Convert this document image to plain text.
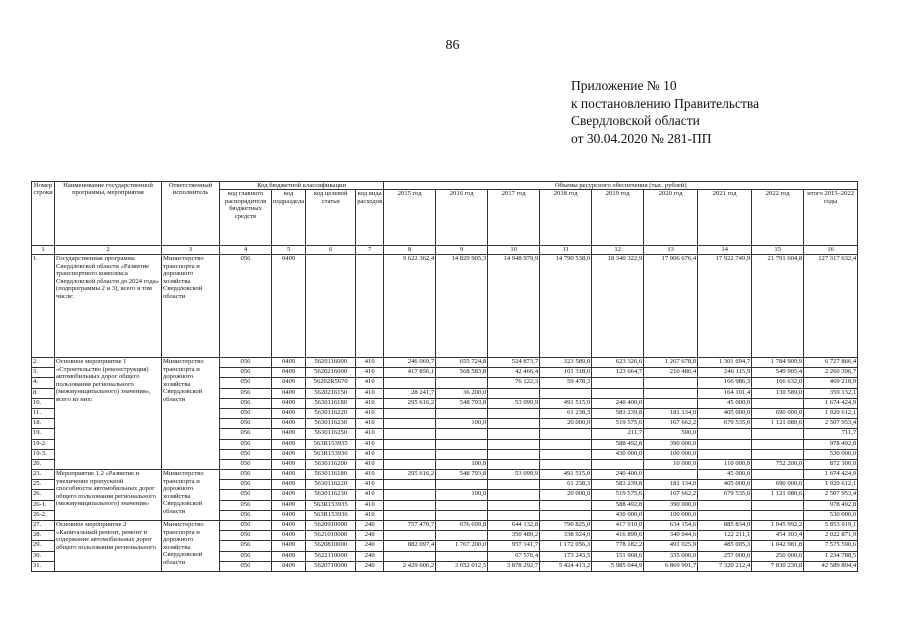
86
Приложение № 10
к постановлению Правительства
Свердловской области
от 30.04.2020 № 281-ПП
Номер строки	Наименование государственной программы, мероприятия	Ответственный исполнитель	Код бюджетной классификации				Объемы ресурсного обеспечения (тыс. рублей)								
			код главного распорядителя бюджетных средств	код подраздела	код целевой статьи	код вида расходов	2015 год	2016 год	2017 год	2018 год	2019 год	2020 год	2021 год	2022 год	итого 2015–2022 годы
1	2	3	4	5	6	7	8	9	10	11	12	13	14	15	16
1.	Государственная программа Свердловской области «Развитие транспортного комплекса Свердловской области до 2024 года» (подпрограммы 2 и 3), всего в том числе:	Министерство транспорта и дорожного хозяйства Свердловской области	056	0409			9 622 362,4	14 829 905,3	14 948 979,9	14 790 538,0	18 340 322,9	17 906 676,4	17 922 749,9	21 791 604,8	127 317 632,4
2.	Основное мероприятие 1 «Строительство (реконструкция) автомобильных дорог общего пользования регионального (межмуниципального) значения», всего из них:	Министерство транспорта и дорожного хозяйства Свердловской области	056	0409	5620116000	410	246 069,7	655 724,8	524 873,7	323 589,0	623 326,6	1 267 678,0	1 301 694,7	1 784 909,9	6 727 866,4
3.			056	0409	5620216000	410	417 856,1	568 583,8	42 466,4	101 318,0	123 664,7	210 486,4	246 115,9	549 905,4	2 260 396,7
4.			056	0409	56202R5670	410			76 122,3	59 478,3			166 986,3	166 632,0	469 218,9
8.			056	0409	5620216150	410	28 241,7	36 200,0					164 101,4	130 589,0	359 132,1
10.			056	0409	5630116180	410	295 616,2	548 793,8	53 099,9	491 515,0	240 400,0		45 000,0		1 674 424,9
11.			056	0409	5630116220	410				61 238,3	583 239,8	181 134,0	405 000,0	690 000,0	1 920 612,1
18.			056	0409	5630116230	410		100,0		20 000,0	519 575,6	167 662,2	679 535,0	1 121 080,6	2 507 953,4
19.			056	0409	5630116250	410					211,7	500,0			711,7
19-2.			056	0409	563R153935	410					588 492,8	390 000,0			978 492,8
19-3.			056	0409	563R153936	410					430 000,0	100 000,0			530 000,0
20.			056	0409	5630116200	410		100,0				10 000,0	110 000,0	752 200,0	872 300,0
23.	Мероприятие 1.2 «Развитие и увеличение пропускной способности автомобильных дорог общего пользования регионального (межмуниципального) значения»	Министерство транспорта и дорожного хозяйства Свердловской области	056	0409	5630116180	410	295 616,2	548 793,8	53 099,9	491 515,0	240 400,0		45 000,0		1 674 424,9
25.			056	0409	5630116220	410				61 238,3	583 239,8	181 134,0	405 000,0	690 000,0	1 920 612,1
26.			056	0409	5630116230	410		100,0		20 000,0	519 575,6	167 662,2	679 535,0	1 121 080,6	2 507 953,4
26-1.			056	0409	563R153935	410					588 492,8	390 000,0			978 492,8
26-2.			056	0409	563R153936	410					430 000,0	100 000,0			530 000,0
27.	Основное мероприятие 2 «Капитальный ремонт, ремонт и содержание автомобильных дорог общего пользования регионального	Министерство транспорта и дорожного хозяйства Свердловской области	056	0409	5620910000	240	757 470,7	676 699,8	644 132,8	790 825,0	417 910,0	634 154,6	885 834,0	1 045 992,2	5 853 019,1
28.			056	0409	5621010000	240			350 489,2	338 924,0	416 899,6	340 044,6	122 211,1	454 303,4	2 022 871,9
29.			056	0409	5620810000	240	882 097,4	1 767 200,0	957 141,7	1 172 056,3	778 182,2	491 025,9	485 005,3	1 042 981,8	7 575 590,6
30.			056	0409	5622110000	240			67 576,4	173 243,5	151 968,6	335 000,0	257 000,0	250 000,0	1 234 788,5
31.			056	0409	5620710000	240	2 429 606,2	3 652 012,5	3 878 292,7	5 424 413,2	5 985 044,9	6 869 991,7	7 320 212,4	7 830 230,8	42 589 804,4
